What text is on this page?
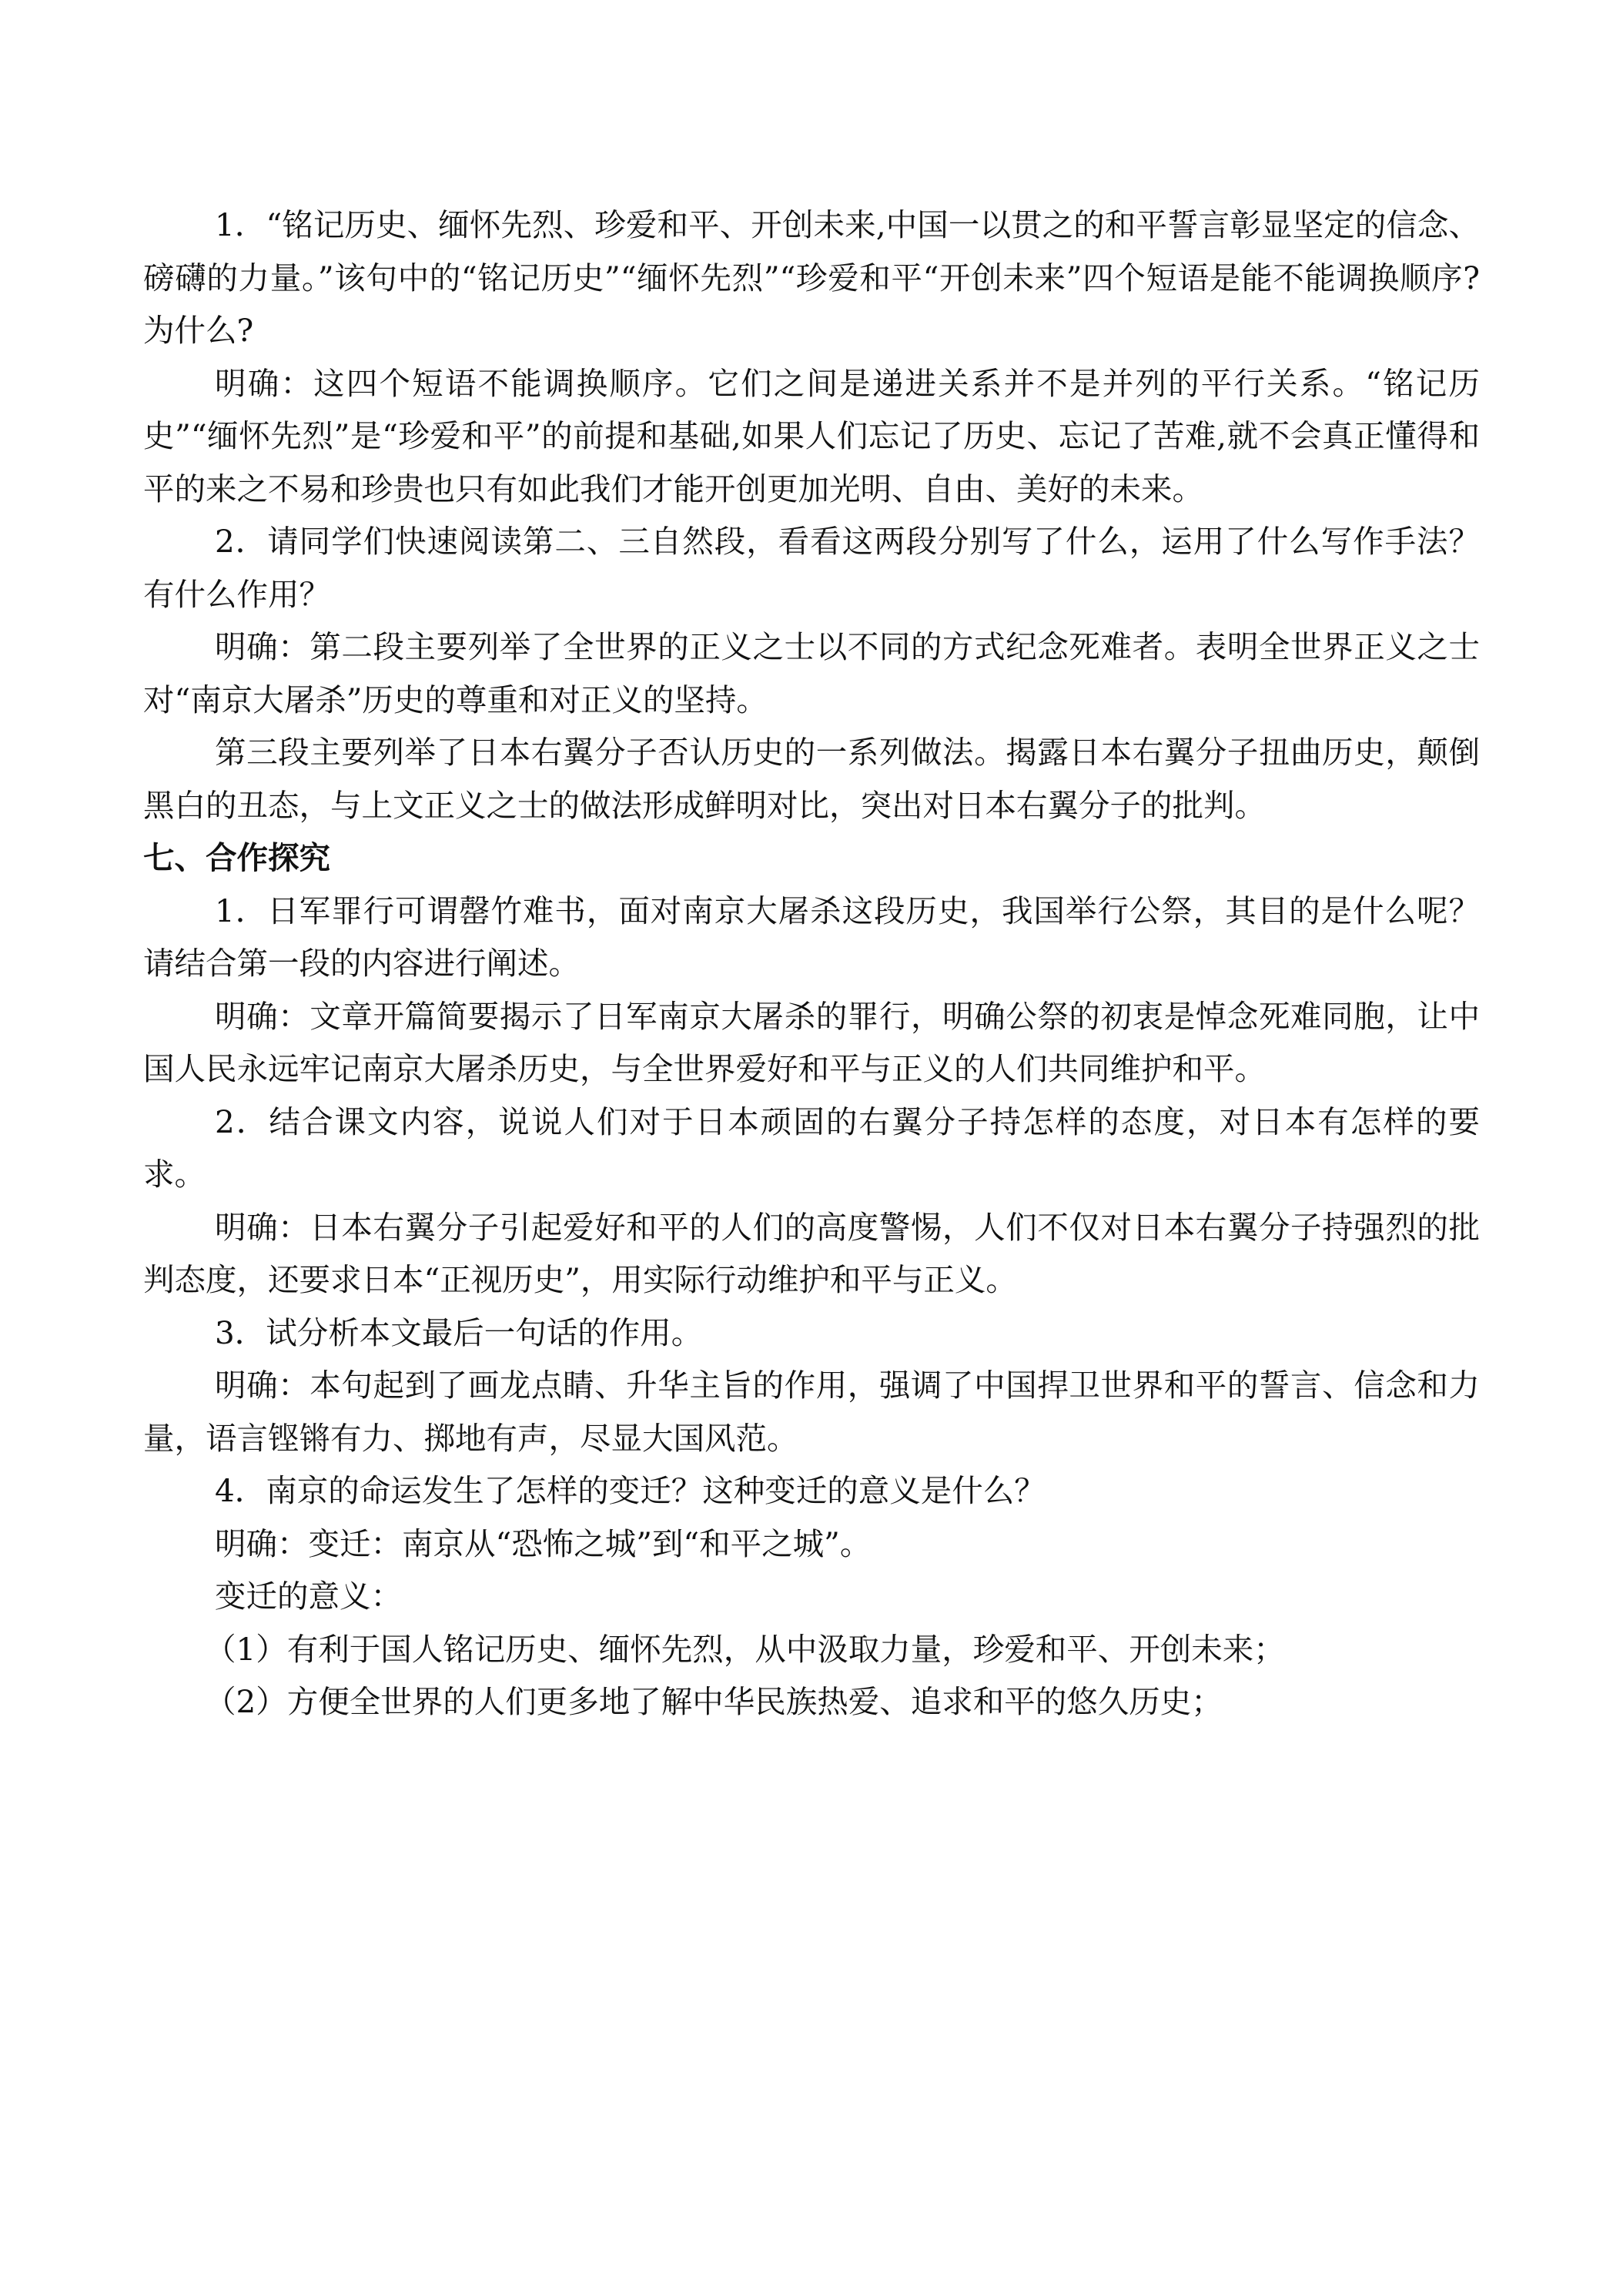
1．“铭记历史、缅怀先烈、珍爱和平、开创未来,中国一以贯之的和平誓言彰显坚定的信念、磅礴的力量。”该句中的“铭记历史”“缅怀先烈”“珍爱和平“开创未来”四个短语是能不能调换顺序?为什么?

明确：这四个短语不能调换顺序。它们之间是递进关系并不是并列的平行关系。“铭记历史”“缅怀先烈”是“珍爱和平”的前提和基础,如果人们忘记了历史、忘记了苦难,就不会真正懂得和平的来之不易和珍贵也只有如此我们才能开创更加光明、自由、美好的未来。

2．请同学们快速阅读第二、三自然段，看看这两段分别写了什么，运用了什么写作手法？有什么作用？

明确：第二段主要列举了全世界的正义之士以不同的方式纪念死难者。表明全世界正义之士对“南京大屠杀”历史的尊重和对正义的坚持。

第三段主要列举了日本右翼分子否认历史的一系列做法。揭露日本右翼分子扭曲历史，颠倒黑白的丑态，与上文正义之士的做法形成鲜明对比，突出对日本右翼分子的批判。

七、合作探究

1．日军罪行可谓罄竹难书，面对南京大屠杀这段历史，我国举行公祭，其目的是什么呢？请结合第一段的内容进行阐述。

明确：文章开篇简要揭示了日军南京大屠杀的罪行，明确公祭的初衷是悼念死难同胞，让中国人民永远牢记南京大屠杀历史，与全世界爱好和平与正义的人们共同维护和平。

2．结合课文内容，说说人们对于日本顽固的右翼分子持怎样的态度，对日本有怎样的要求。

明确：日本右翼分子引起爱好和平的人们的高度警惕，人们不仅对日本右翼分子持强烈的批判态度，还要求日本“正视历史”，用实际行动维护和平与正义。

3．试分析本文最后一句话的作用。

明确：本句起到了画龙点睛、升华主旨的作用，强调了中国捍卫世界和平的誓言、信念和力量，语言铿锵有力、掷地有声，尽显大国风范。

4．南京的命运发生了怎样的变迁？这种变迁的意义是什么？

明确：变迁：南京从“恐怖之城”到“和平之城”。

变迁的意义：

（1）有利于国人铭记历史、缅怀先烈，从中汲取力量，珍爱和平、开创未来；

（2）方便全世界的人们更多地了解中华民族热爱、追求和平的悠久历史；
